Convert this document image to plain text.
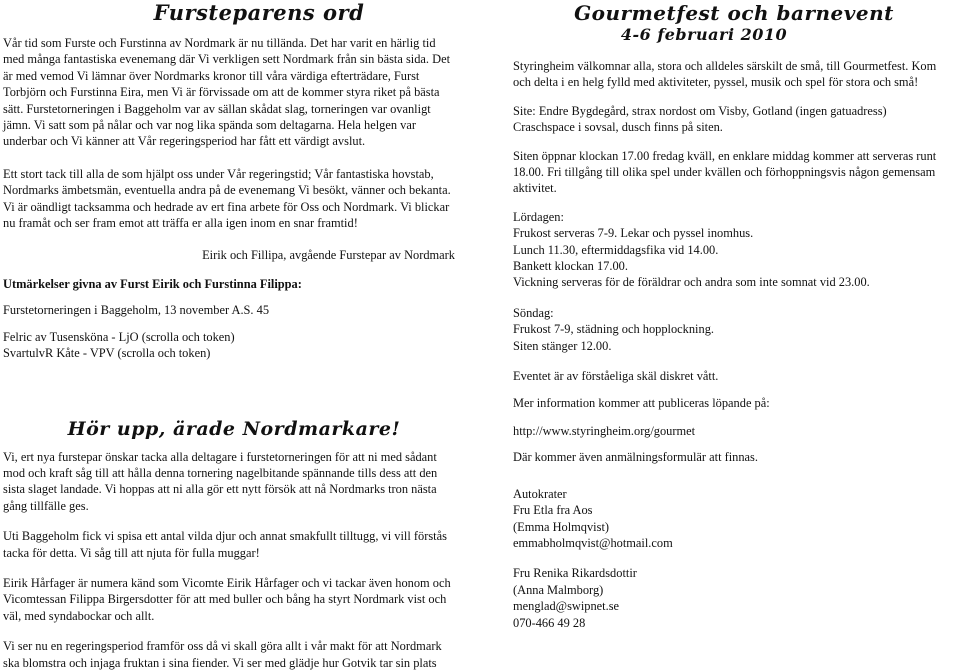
Fursteparens ord

Vår tid som Furste och Furstinna av Nordmark är nu tilländа. Det har varit en härlig tid med många fantastiska evenemang där Vi verkligen sett Nordmark från sin bästa sida. Det är med vemod Vi lämnar över Nordmarks kronor till våra värdiga efterträdare, Furst Torbjörn och Furstinna Eira, men Vi är förvissade om att de kommer styra riket på bästa sätt. Furstetorneringen i Baggeholm var av sällan skådat slag, torneringen var ovanligt jämn. Vi satt som på nålar och var nog lika spända som deltagarna. Hela helgen var underbar och Vi känner att Vår regeringsperiod har fått ett värdigt avslut.

Ett stort tack till alla de som hjälpt oss under Vår regeringstid; Vår fantastiska hovstab, Nordmarks ämbetsmän, eventuella andra på de evenemang Vi besökt, vänner och bekanta. Vi är oändligt tacksamma och hedrade av ert fina arbete för Oss och Nordmark. Vi blickar nu framåt och ser fram emot att träffa er alla igen inom en snar framtid!

Eirik och Fillipa, avgående Furstepar av Nordmark

Utmärkelser givna av Furst Eirik och Furstinna Filippa:

Furstetorneringen i Baggeholm, 13 november A.S. 45

Felric av Tusensköna - LjO (scrolla och token)

SvartulvR Kåte - VPV (scrolla och token)

Hör upp, ärade Nordmarkare!

Vi, ert nya furstepar önskar tacka alla deltagare i furstetorneringen för att ni med sådant mod och kraft såg till att hålla denna tornering nagelbitande spännande tills dess att den sista slaget landade. Vi hoppas att ni alla gör ett nytt försök att nå Nordmarks tron nästa gång tillfälle ges.

Uti Baggeholm fick vi spisa ett antal vilda djur och annat smakfullt tilltugg, vi vill förstås tacka för detta. Vi såg till att njuta för fulla muggar!

Eirik Hårfager är numera känd som Vicomte Eirik Hårfager och vi tackar även honom och Vicomtessan Filippa Birgersdotter för att med buller och bång ha styrt Nordmark vist och väl, med syndabockar och allt.

Vi ser nu en regeringsperiod framför oss då vi skall göra allt i vår makt för att Nordmark ska blomstra och injaga fruktan i sina fiender. Vi ser med glädje hur Gotvik tar sin plats

Gourmetfest och barnevent
4-6 februari 2010

Styringheim välkomnar alla, stora och alldeles särskilt de små, till Gourmetfest. Kom och delta i en helg fylld med aktiviteter, pyssel, musik och spel för stora och små!

Site: Endre Bygdegård, strax nordost om Visby, Gotland (ingen gatuadress)

Craschspace i sovsal, dusch finns på siten.

Siten öppnar klockan 17.00 fredag kväll, en enklare middag kommer att serveras runt 18.00. Fri tillgång till olika spel under kvällen och förhoppningsvis någon gemensam aktivitet.

Lördagen:

Frukost serveras 7-9. Lekar och pyssel inomhus.

Lunch 11.30, eftermiddagsfika vid 14.00.

Bankett klockan 17.00.

Vickning serveras för de föräldrar och andra som inte somnat vid 23.00.

Söndag:

Frukost 7-9, städning och hopplockning.

Siten stänger 12.00.

Eventet är av förståeliga skäl diskret vått.

Mer information kommer att publiceras löpande på:

http://www.styringheim.org/gourmet

Där kommer även anmälningsformulär att finnas.

Autokrater

Fru Etla fra Aos

(Emma Holmqvist)

emmabholmqvist@hotmail.com

Fru Renika Rikardsdottir

(Anna Malmborg)

menglad@swipnet.se

070-466 49 28
